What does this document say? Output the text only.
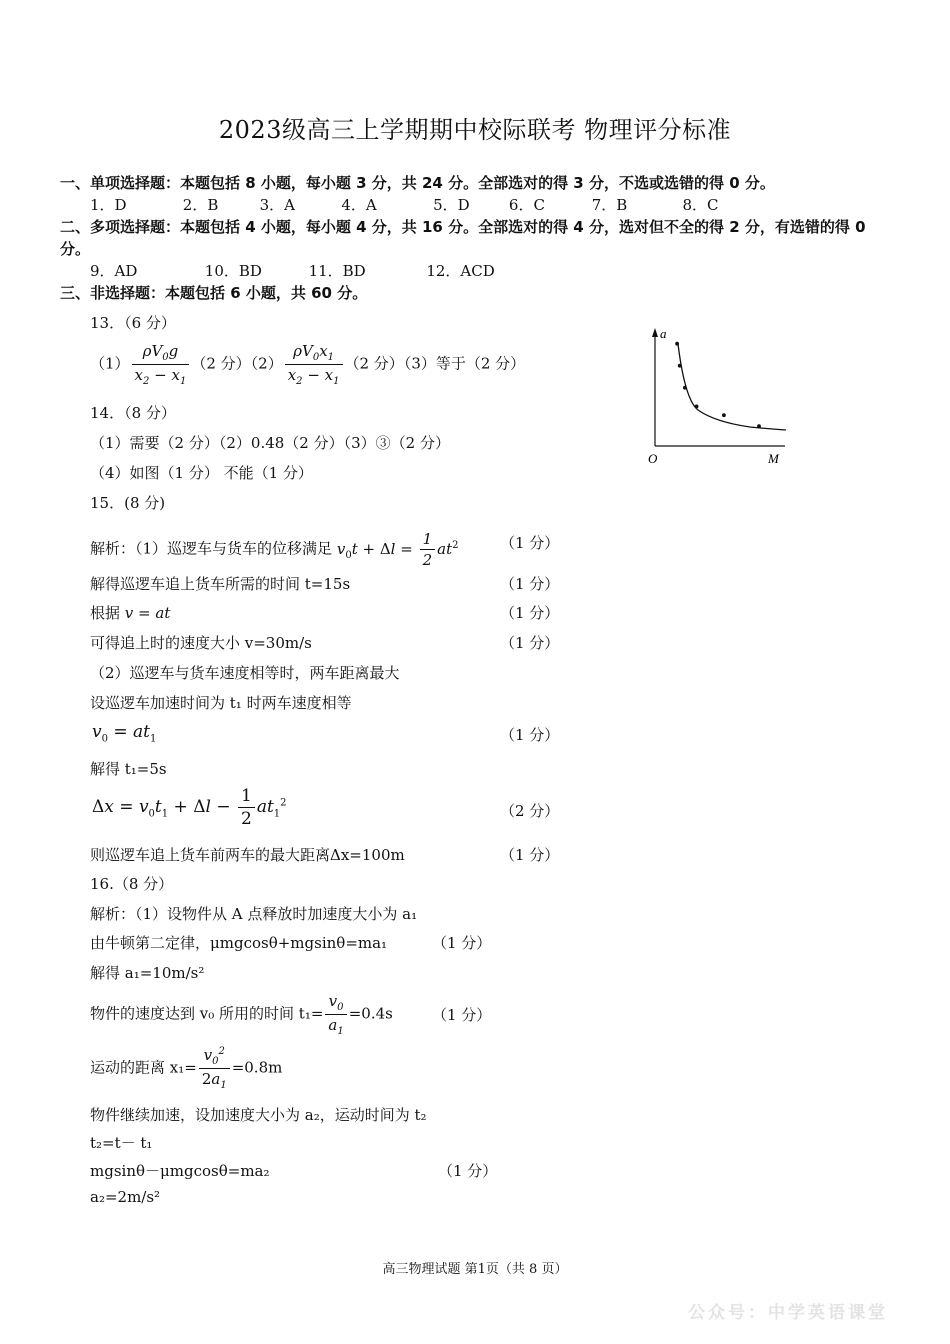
2023级高三上学期期中校际联考 物理评分标准
一、单项选择题：本题包括 8 小题，每小题 3 分，共 24 分。全部选对的得 3 分，不选或选错的得 0 分。
1．D	2．B	3．A	4．A	5．D	6．C	7．B	8．C
二、多项选择题：本题包括 4 小题，每小题 4 分，共 16 分。全部选对的得 4 分，选对但不全的得 2 分，有选错的得 0 分。
9．AD	10．BD	11．BD	12．ACD
三、非选择题：本题包括 6 小题，共 60 分。
13．（6 分）
$(1) \frac{\rho V_0g}{x_2 - x_1} (2$ 分）$(2) \frac{\rho V_0x_1}{x_2 - x_1} (2$ 分）（3）等于（2 分）
14．（8 分）
（1）需要（2 分）（2）0.48（2 分）（3）③（2 分）
（4）如图（1 分） 不能（1 分）
a
O	M
15．(8 分)
解析：（1）巡逻车与货车的位移满足 $v_0t + \Delta l = \frac{1}{2} at^2$	（1 分）
解得巡逻车追上货车所需的时间 t=15s	（1 分）
根据 v = at	（1 分）
可得追上时的速度大小 v=30m/s	（1 分）
（2）巡逻车与货车速度相等时，两车距离最大
设巡逻车加速时间为 t₁ 时两车速度相等
$v_0 = at_1$	（1 分）
解得 t₁=5s
$\Delta x = v_0t_1 + \Delta l - \frac{1}{2} at_1^2$	（2 分）
则巡逻车追上货车前两车的最大距离Δx=100m	（1 分）
16.（8 分）
解析：（1）设物件从 A 点释放时加速度大小为 a₁
由牛顿第二定律，μmgcosθ+mgsinθ=ma₁	（1 分）
解得 a₁=10m/s²
物件的速度达到 v₀ 所用的时间 $t_1= \frac{v_0}{a_1} =0.4s$	（1 分）
运动的距离 $x_1= \frac{v_0^2}{2a_1} =0.8m$
物件继续加速，设加速度大小为 a₂，运动时间为 t₂
t₂=t－ t₁
mgsinθ－μmgcosθ=ma₂	（1 分）
a₂=2m/s²
高三物理试题 第1页（共 8 页）
公众号：中学英语课堂
